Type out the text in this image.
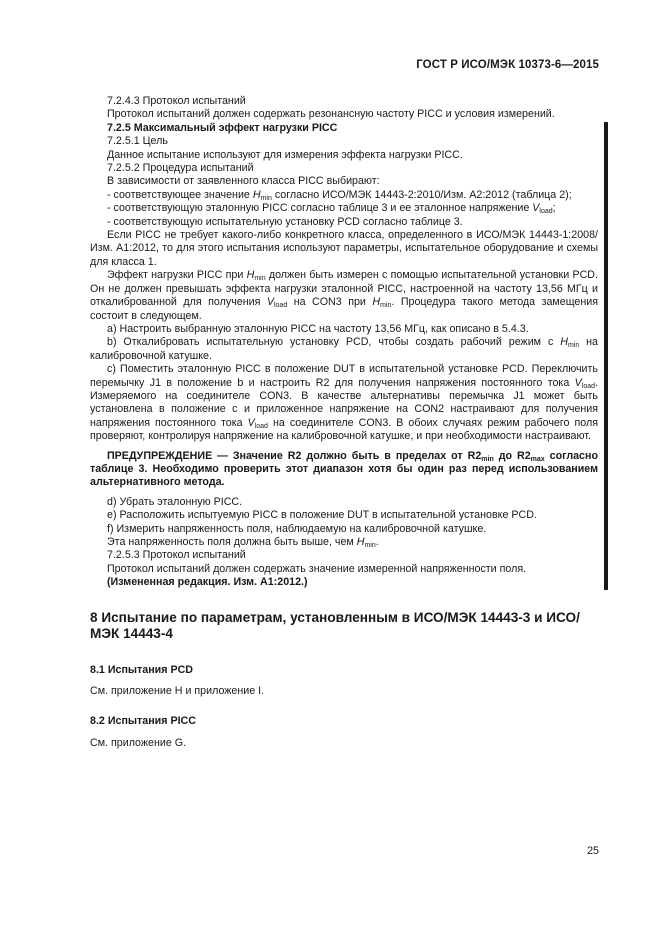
ГОСТ Р ИСО/МЭК 10373-6—2015

7.2.4.3 Протокол испытаний

Протокол испытаний должен содержать резонансную частоту PICC и условия измерений.

7.2.5 Максимальный эффект нагрузки PICC

7.2.5.1 Цель

Данное испытание используют для измерения эффекта нагрузки PICC.

7.2.5.2 Процедура испытаний

В зависимости от заявленного класса PICC выбирают:

- соответствующее значение $H_{min}$ согласно ИСО/МЭК 14443-2:2010/Изм. А2:2012 (таблица 2);

- соответствующую эталонную PICC согласно таблице 3 и ее эталонное напряжение $V_{load}$;

- соответствующую испытательную установку PCD согласно таблице 3.

Если PICC не требует какого-либо конкретного класса, определенного в ИСО/МЭК 14443-1:2008/Изм. А1:2012, то для этого испытания используют параметры, испытательное оборудование и схемы для класса 1.

Эффект нагрузки PICC при $H_{min}$ должен быть измерен с помощью испытательной установки PCD. Он не должен превышать эффекта нагрузки эталонной PICC, настроенной на частоту 13,56 МГц и откалиброванной для получения $V_{load}$ на CON3 при $H_{min}$. Процедура такого метода замещения состоит в следующем.

a) Настроить выбранную эталонную PICC на частоту 13,56 МГц, как описано в 5.4.3.

b) Откалибровать испытательную установку PCD, чтобы создать рабочий режим с $H_{min}$ на калибровочной катушке.

c) Поместить эталонную PICC в положение DUT в испытательной установке PCD. Переключить перемычку J1 в положение b и настроить R2 для получения напряжения постоянного тока $V_{load}$. Измеряемого на соединителе CON3. В качестве альтернативы перемычка J1 может быть установлена в положение с и приложенное напряжение на CON2 настраивают для получения напряжения постоянного тока $V_{load}$ на соединителе CON3. В обоих случаях режим рабочего поля проверяют, контролируя напряжение на калибровочной катушке, и при необходимости настраивают.

ПРЕДУПРЕЖДЕНИЕ — Значение R2 должно быть в пределах от $R2_{min}$ до $R2_{max}$ согласно таблице 3. Необходимо проверить этот диапазон хотя бы один раз перед использованием альтернативного метода.

d) Убрать эталонную PICC.

e) Расположить испытуемую PICC в положение DUT в испытательной установке PCD.

f) Измерить напряженность поля, наблюдаемую на калибровочной катушке.

Эта напряженность поля должна быть выше, чем $H_{min}$.

7.2.5.3 Протокол испытаний

Протокол испытаний должен содержать значение измеренной напряженности поля.

(Измененная редакция. Изм. А1:2012.)

8 Испытание по параметрам, установленным в ИСО/МЭК 14443-3 и ИСО/МЭК 14443-4

8.1 Испытания PCD

См. приложение H и приложение I.

8.2 Испытания PICC

См. приложение G.

25
